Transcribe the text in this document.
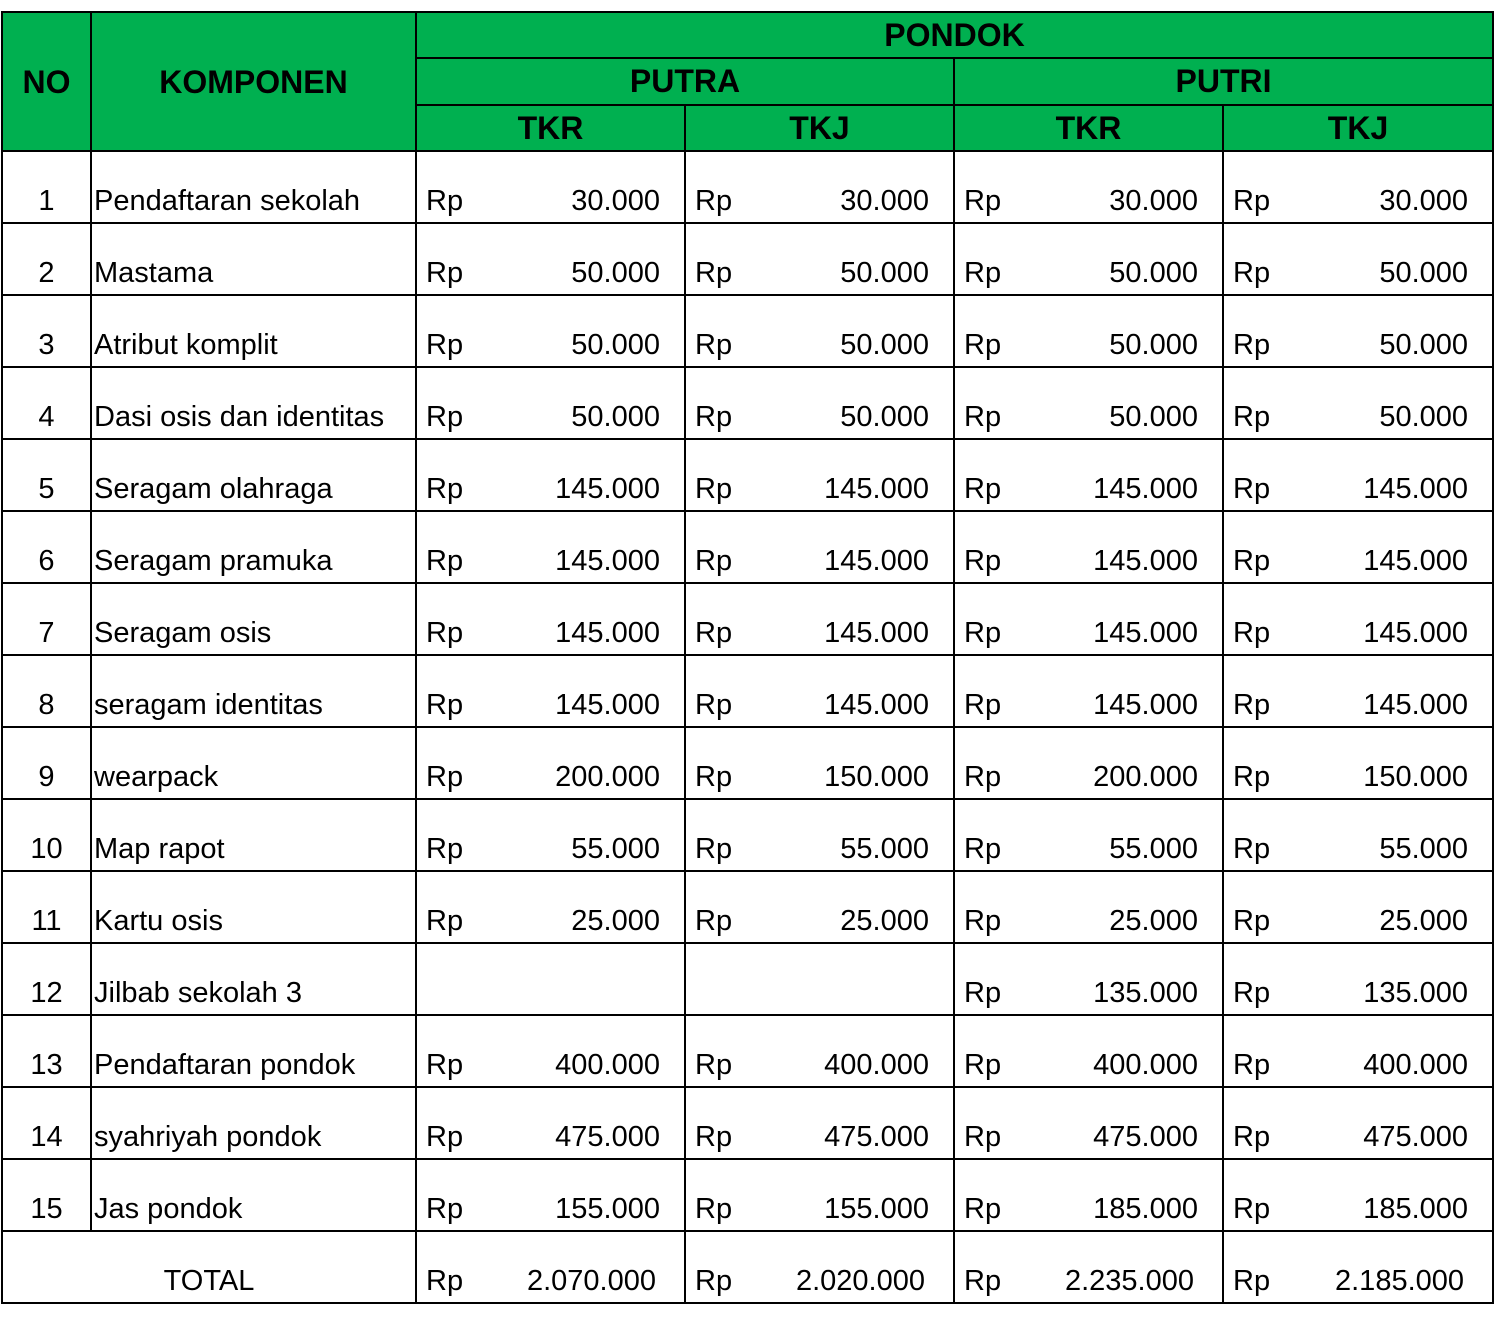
NO	KOMPONEN	PONDOK			
		PUTRA		PUTRI	
		TKR	TKJ	TKR	TKJ

1	Pendaftaran sekolah	Rp 30.000	Rp 30.000	Rp 30.000	Rp 30.000

2	Mastama	Rp 50.000	Rp 50.000	Rp 50.000	Rp 50.000

3	Atribut komplit	Rp 50.000	Rp 50.000	Rp 50.000	Rp 50.000

4	Dasi osis dan identitas	Rp 50.000	Rp 50.000	Rp 50.000	Rp 50.000

5	Seragam olahraga	Rp 145.000	Rp 145.000	Rp 145.000	Rp 145.000

6	Seragam pramuka	Rp 145.000	Rp 145.000	Rp 145.000	Rp 145.000

7	Seragam osis	Rp 145.000	Rp 145.000	Rp 145.000	Rp 145.000

8	seragam identitas	Rp 145.000	Rp 145.000	Rp 145.000	Rp 145.000

9	wearpack	Rp 200.000	Rp 150.000	Rp 200.000	Rp 150.000

10	Map rapot	Rp 55.000	Rp 55.000	Rp 55.000	Rp 55.000

11	Kartu osis	Rp 25.000	Rp 25.000	Rp 25.000	Rp 25.000

12	Jilbab sekolah 3			Rp 135.000	Rp 135.000

13	Pendaftaran pondok	Rp 400.000	Rp 400.000	Rp 400.000	Rp 400.000

14	syahriyah pondok	Rp 475.000	Rp 475.000	Rp 475.000	Rp 475.000

15	Jas pondok	Rp 155.000	Rp 155.000	Rp 185.000	Rp 185.000

TOTAL		Rp 2.070.000	Rp 2.020.000	Rp 2.235.000	Rp 2.185.000
